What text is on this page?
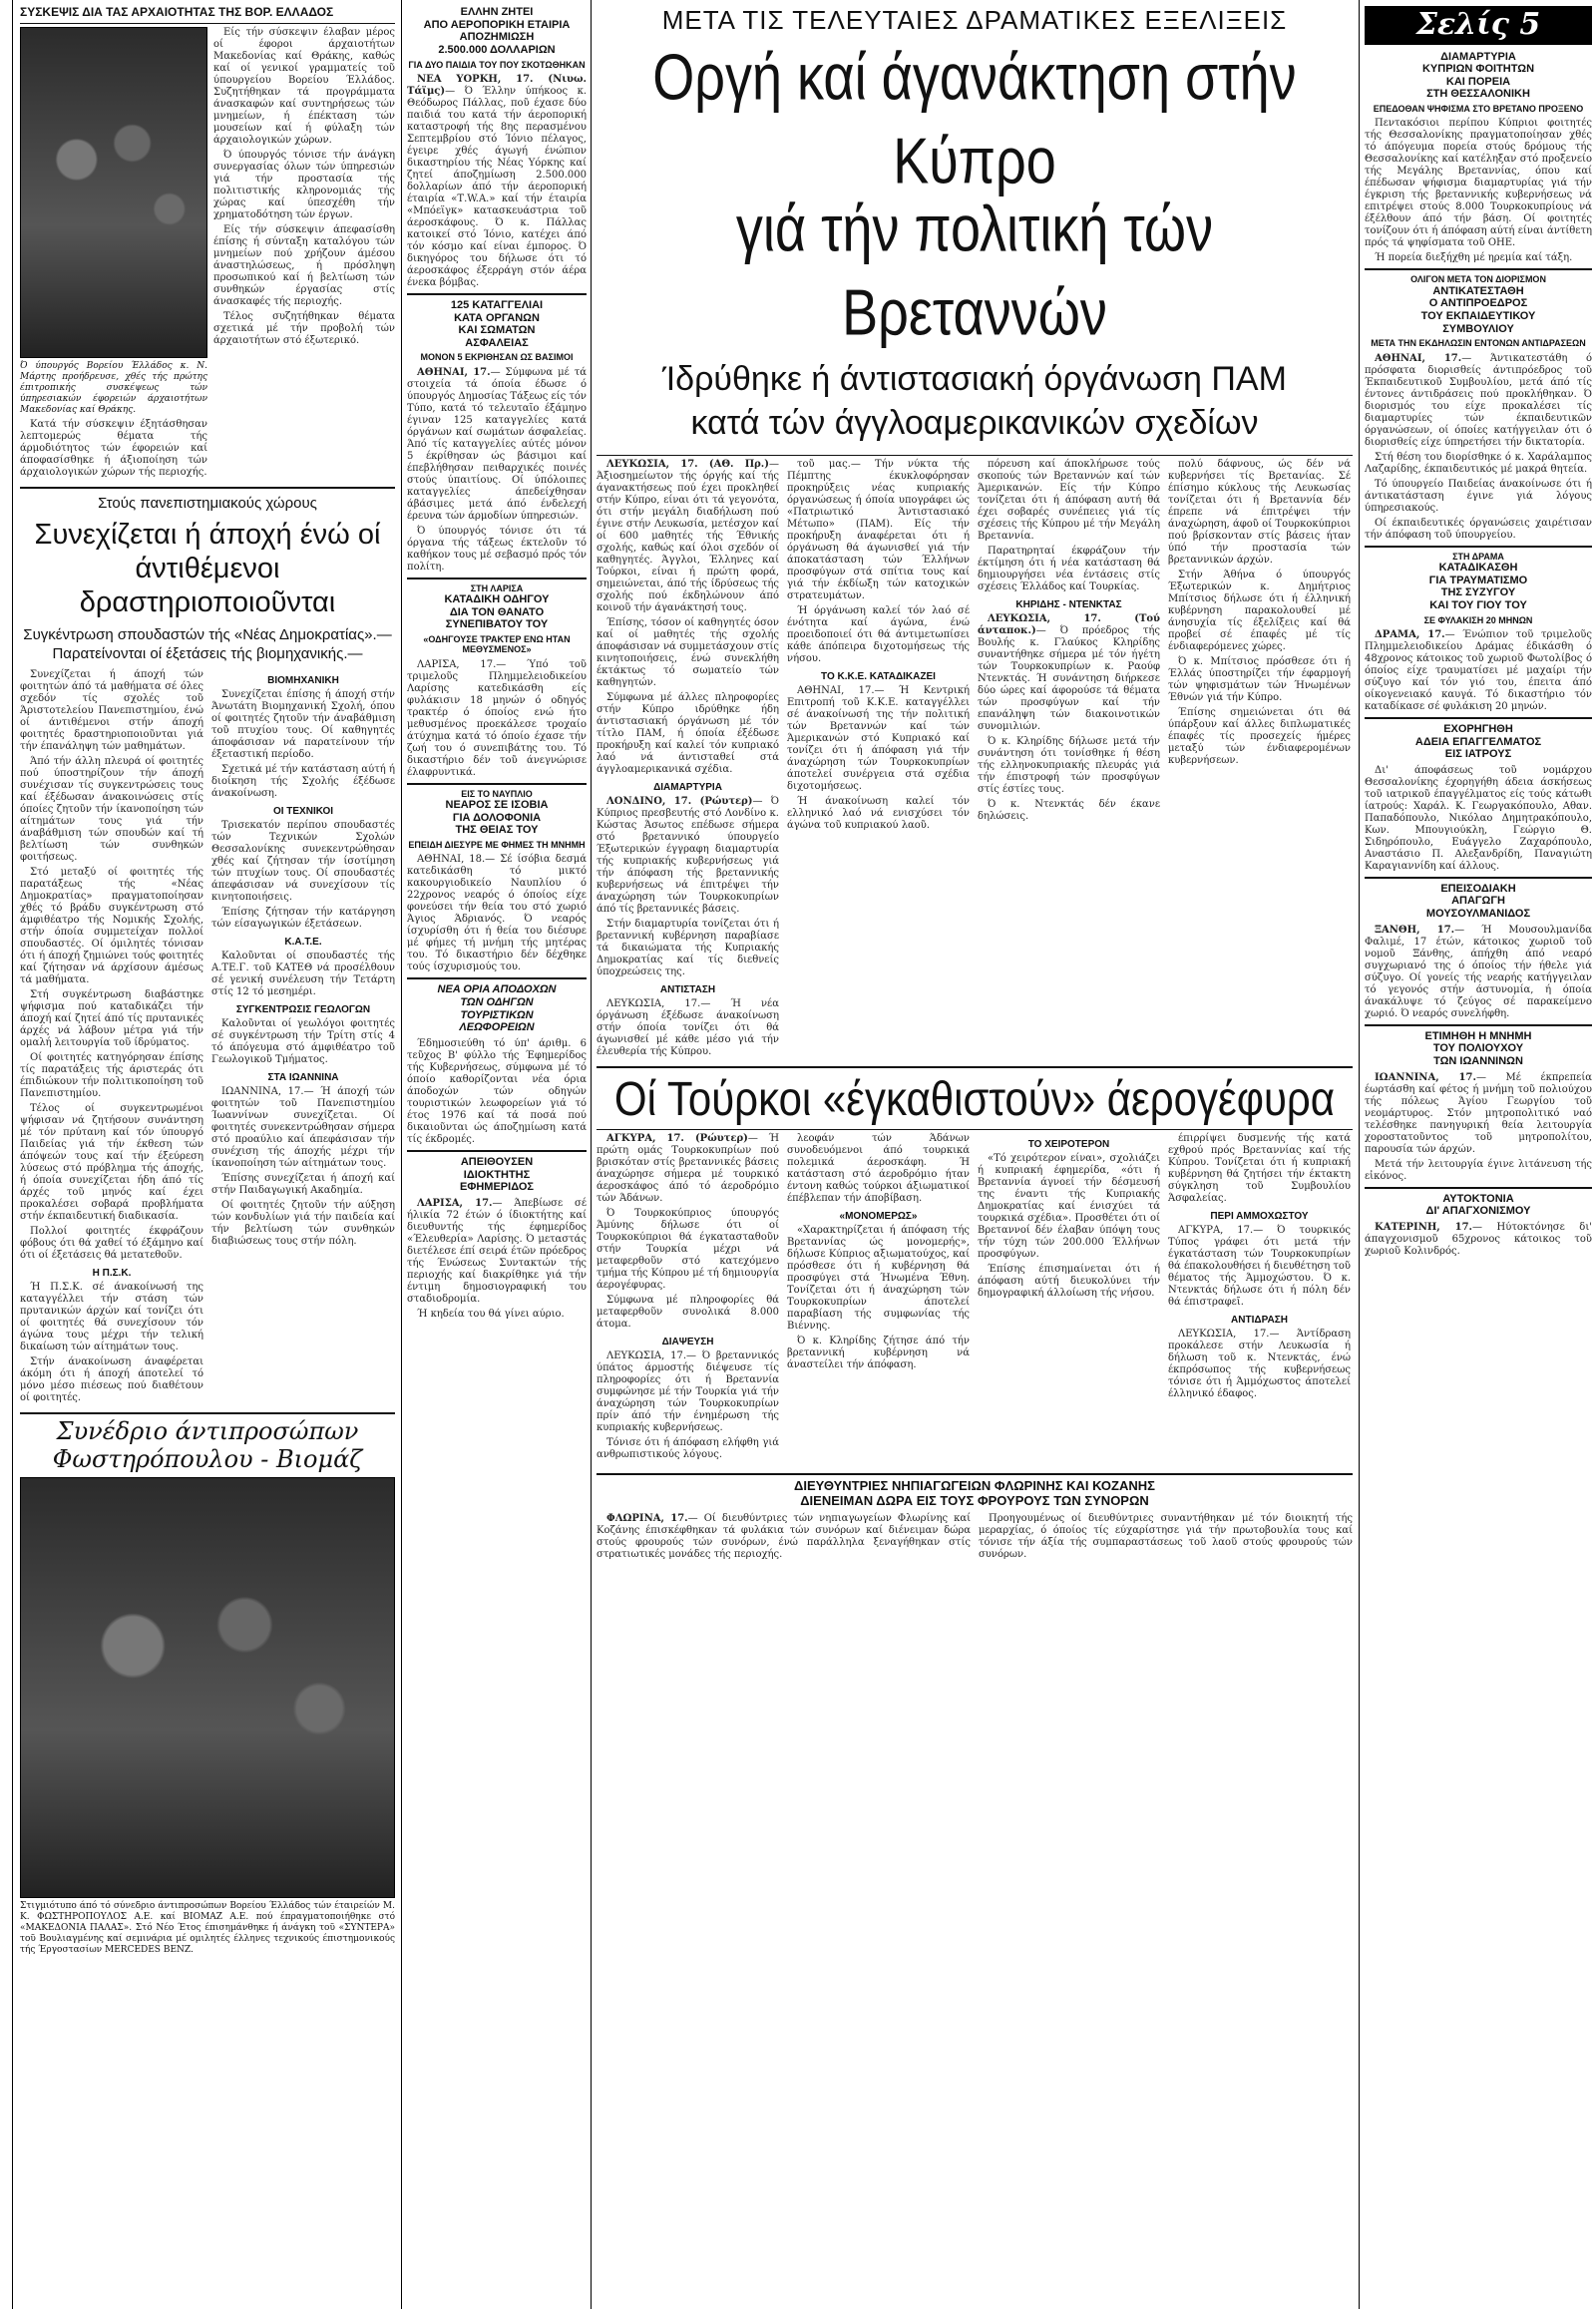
ΣΥΣΚΕΨΙΣ ΔΙΑ ΤΑΣ ΑΡΧΑΙΟΤΗΤΑΣ ΤΗΣ ΒΟΡ. ΕΛΛΑΔΟΣ
Ό ύπουργός Βορείου Έλλάδος κ. Ν. Μάρτης προήδρευσε, χθές τής πρώτης έπιτροπικής συσκέψεως τών ύπηρεσιακών έφορειών άρχαιοτήτων Μακεδονίας καί Θράκης.

Κατά τήν σύσκεψιν έξητάσθησαν λεπτομερώς θέματα τής άρμοδιότητος τών έφορειών καί άποφασίσθηκε ή άξιοποίηση τών άρχαιολογικών χώρων τής περιοχής.

Είς τήν σύσκεψιν έλαβαν μέρος οί έφοροι άρχαιοτήτων Μακεδονίας καί Θράκης, καθώς καί οί γενικοί γραμματείς τοῦ ύπουργείου Βορείου Έλλάδος. Συζητήθηκαν τά προγράμματα άνασκαφών καί συντηρήσεως τών μνημείων, ή έπέκταση τών μουσείων καί ή φύλαξη τών άρχαιολογικών χώρων.

Ό ύπουργός τόνισε τήν άνάγκη συνεργασίας όλων τών ύπηρεσιών γιά τήν προστασία τής πολιτιστικής κληρονομιάς τής χώρας καί ύπεσχέθη τήν χρηματοδότηση τών έργων.

Είς τήν σύσκεψιν άπεφασίσθη έπίσης ή σύνταξη καταλόγου τών μνημείων πού χρήζουν άμέσου άναστηλώσεως, ή πρόσληψη προσωπικού καί ή βελτίωση τών συνθηκών έργασίας στίς άνασκαφές τής περιοχής.

Τέλος συζητήθηκαν θέματα σχετικά μέ τήν προβολή τών άρχαιοτήτων στό έξωτερικό.

Στούς πανεπιστημιακούς χώρους
Συνεχίζεται ή άποχή ένώ οί άντιθέμενοι δραστηριοποιοῦνται
Συγκέντρωση σπουδαστών τής «Νέας Δημοκρατίας».— Παρατείνονται οί έξετάσεις τής βιομηχανικής.—

Συνεχίζεται ή άποχή τών φοιτητών άπό τά μαθήματα σέ όλες σχεδόν τίς σχολές τοῦ Άριστοτελείου Πανεπιστημίου, ένώ οί άντιθέμενοι στήν άποχή φοιτητές δραστηριοποιοῦνται γιά τήν έπανάληψη τών μαθημάτων.

Άπό τήν άλλη πλευρά οί φοιτητές πού ύποστηρίζουν τήν άποχή συνέχισαν τίς συγκεντρώσεις τους καί έξέδωσαν άνακοινώσεις στίς όποίες ζητοῦν τήν ίκανοποίηση τών αίτημάτων τους γιά τήν άναβάθμιση τών σπουδών καί τή βελτίωση τών συνθηκών φοιτήσεως.

Στό μεταξύ οί φοιτητές τής παρατάξεως τής «Νέας Δημοκρατίας» πραγματοποίησαν χθές τό βράδυ συγκέντρωση στό άμφιθέατρο τής Νομικής Σχολής, στήν όποία συμμετείχαν πολλοί σπουδαστές. Οί όμιλητές τόνισαν ότι ή άποχή ζημιώνει τούς φοιτητές καί ζήτησαν νά άρχίσουν άμέσως τά μαθήματα.

Στή συγκέντρωση διαβάστηκε ψήφισμα πού καταδικάζει τήν άποχή καί ζητεί άπό τίς πρυτανικές άρχές νά λάβουν μέτρα γιά τήν ομαλή λειτουργία τοῦ ίδρύματος.

Οί φοιτητές κατηγόρησαν έπίσης τίς παρατάξεις τής άριστεράς ότι έπιδιώκουν τήν πολιτικοποίηση τοῦ Πανεπιστημίου.

Τέλος οί συγκεντρωμένοι ψήφισαν νά ζητήσουν συνάντηση μέ τόν πρύτανη καί τόν ύπουργό Παιδείας γιά τήν έκθεση τών άπόψεών τους καί τήν έξεύρεση λύσεως στό πρόβλημα τής άποχής, ή όποία συνεχίζεται ήδη άπό τίς άρχές τοῦ μηνός καί έχει προκαλέσει σοβαρά προβλήματα στήν έκπαιδευτική διαδικασία.

Πολλοί φοιτητές έκφράζουν φόβους ότι θά χαθεί τό έξάμηνο καί ότι οί έξετάσεις θά μετατεθοῦν.

Η Π.Σ.Κ.

Ή Π.Σ.Κ. σέ άνακοίνωσή της καταγγέλλει τήν στάση τών πρυτανικών άρχών καί τονίζει ότι οί φοιτητές θά συνεχίσουν τόν άγώνα τους μέχρι τήν τελική δικαίωση τών αίτημάτων τους.

Στήν άνακοίνωση άναφέρεται άκόμη ότι ή άποχή άποτελεί τό μόνο μέσο πιέσεως πού διαθέτουν οί φοιτητές.

ΒΙΟΜΗΧΑΝΙΚΗ

Συνεχίζεται έπίσης ή άποχή στήν Άνωτάτη Βιομηχανική Σχολή, όπου οί φοιτητές ζητοῦν τήν άναβάθμιση τοῦ πτυχίου τους. Οί καθηγητές άποφάσισαν νά παρατείνουν τήν έξεταστική περίοδο.

Σχετικά μέ τήν κατάσταση αύτή ή διοίκηση τής Σχολής έξέδωσε άνακοίνωση.

ΟΙ ΤΕΧΝΙΚΟΙ

Τρισεκατόν περίπου σπουδαστές τών Τεχνικών Σχολών Θεσσαλονίκης συνεκεντρώθησαν χθές καί ζήτησαν τήν ίσοτίμηση τών πτυχίων τους. Οί σπουδαστές άπεφάσισαν νά συνεχίσουν τίς κινητοποιήσεις.

Έπίσης ζήτησαν τήν κατάργηση τών είσαγωγικών έξετάσεων.

Κ.Α.Τ.Ε.

Καλοῦνται οί σπουδαστές τής Α.ΤΕ.Γ. τοῦ ΚΑΤΕΘ νά προσέλθουν σέ γενική συνέλευση τήν Τετάρτη στίς 12 τό μεσημέρι.

ΣΥΓΚΕΝΤΡΩΣΙΣ ΓΕΩΛΟΓΩΝ

Καλοῦνται οί γεωλόγοι φοιτητές σέ συγκέντρωση τήν Τρίτη στίς 4 τό άπόγευμα στό άμφιθέατρο τοῦ Γεωλογικοῦ Τμήματος.

ΣΤΑ ΙΩΑΝΝΙΝΑ

ΙΩΑΝΝΙΝΑ, 17.— Ή άποχή τών φοιτητών τοῦ Πανεπιστημίου Ίωαννίνων συνεχίζεται. Οί φοιτητές συνεκεντρώθησαν σήμερα στό προαύλιο καί άπεφάσισαν τήν συνέχιση τής άποχής μέχρι τήν ίκανοποίηση τών αίτημάτων τους.

Έπίσης συνεχίζεται ή άποχή καί στήν Παιδαγωγική Ακαδημία.

Οί φοιτητές ζητοῦν τήν αύξηση τών κονδυλίων γιά τήν παιδεία καί τήν βελτίωση τών συνθηκών διαβιώσεως τους στήν πόλη.

Συνέδριο άντιπροσώπων Φωστηρόπουλου - Βιομάζ
Στιγμιότυπο άπό τό σύνεδριο άντιπροσώπων Βορείου Έλλάδος τών έταιρείών Μ. Κ. ΦΩΣΤΗΡΟΠΟΥΛΟΣ Α.Ε. καί ΒΙΟΜΑΖ Α.Ε. πού έπραγματοποιήθηκε στό «ΜΑΚΕΔΟΝΙΑ ΠΑΛΑΣ». Στό Νέο Έτος έπισημάνθηκε ή άνάγκη τοῦ «ΣΥΝΤΕΡΑ» τοῦ Βουλιαγμένης καί σεμινάρια μέ ομιλητές έλληνες τεχνικούς έπιστημονικούς τής Έργοστασίων MERCEDES BENZ.
ΕΛΛΗΝ ΖΗΤΕΙ
ΑΠΟ ΑΕΡΟΠΟΡΙΚΗ ΕΤΑΙΡΙΑ
ΑΠΟΖΗΜΙΩΣΗ
2.500.000 ΔΟΛΛΑΡΙΩΝ
ΓΙΑ ΔΥΟ ΠΑΙΔΙΑ ΤΟΥ ΠΟΥ ΣΚΟΤΩΘΗΚΑΝ

ΝΕΑ ΥΟΡΚΗ, 17. (Νιυω. Τάϊμς)— Ό Έλλην ύπήκοος κ. Θεόδωρος Πάλλας, ποῦ έχασε δύο παιδιά του κατά τήν άεροπορική καταστροφή τής 8ης περασμένου Σεπτεμβρίου στό Ίόνιο πέλαγος, έγειρε χθές άγωγή ένώπιον δικαστηρίου τής Νέας Υόρκης καί ζητεί άποζημίωση 2.500.000 δολλαρίων άπό τήν άεροπορική έταιρία «Τ.W.Α.» καί τήν έταιρία «Μπόεϊγκ» κατασκευάστρια τοῦ άεροσκάφους. Ό κ. Πάλλας κατοικεί στό Ίόνιο, κατέχει άπό τόν κόσμο καί είναι έμπορος. Ό δικηγόρος του δήλωσε ότι τό άεροσκάφος έξερράγη στόν άέρα ένεκα βόμβας.

125 ΚΑΤΑΓΓΕΛΙΑΙ
ΚΑΤΑ ΟΡΓΑΝΩΝ
ΚΑΙ ΣΩΜΑΤΩΝ
ΑΣΦΑΛΕΙΑΣ
ΜΟΝΟΝ 5 ΕΚΡΙΘΗΣΑΝ ΩΣ ΒΑΣΙΜΟΙ

ΑΘΗΝΑΙ, 17.— Σύμφωνα μέ τά στοιχεία τά όποία έδωσε ό ύπουργός Δημοσίας Τάξεως είς τόν Τύπο, κατά τό τελευταῖο έξάμηνο έγιναν 125 καταγγελίες κατά όργάνων καί σωμάτων άσφαλείας. Άπό τίς καταγγελίες αύτές μόνον 5 έκρίθησαν ώς βάσιμοι καί έπεβλήθησαν πειθαρχικές ποινές στούς ύπαιτίους. Οί ύπόλοιπες καταγγελίες άπεδείχθησαν άβάσιμες μετά άπό ένδελεχή έρευνα τών άρμοδίων ύπηρεσιών.

Ό ύπουργός τόνισε ότι τά όργανα τής τάξεως έκτελοῦν τό καθήκον τους μέ σεβασμό πρός τόν πολίτη.

ΣΤΗ ΛΑΡΙΣΑ
ΚΑΤΑΔΙΚΗ ΟΔΗΓΟΥ
ΔΙΑ ΤΟΝ ΘΑΝΑΤΟ
ΣΥΝΕΠΙΒΑΤΟΥ ΤΟΥ
«ΟΔΗΓΟΥΣΕ ΤΡΑΚΤΕΡ ΕΝΩ ΗΤΑΝ ΜΕΘΥΣΜΕΝΟΣ»

ΛΑΡΙΣΑ, 17.— Ύπό τοῦ τριμελοῦς Πλημμελειοδικείου Λαρίσης κατεδικάσθη είς φυλάκισιν 18 μηνών ό οδηγός τρακτέρ ό όποίος ενώ ήτο μεθυσμένος προεκάλεσε τροχαίο άτύχημα κατά τό όποίο έχασε τήν ζωή του ό συνεπιβάτης του. Τό δικαστήριο δέν τοῦ άνεγνώρισε έλαφρυντικά.

ΕΙΣ ΤΟ ΝΑΥΠΛΙΟ
ΝΕΑΡΟΣ ΣΕ ΙΣΟΒΙΑ
ΓΙΑ ΔΟΛΟΦΟΝΙΑ
ΤΗΣ ΘΕΙΑΣ ΤΟΥ
ΕΠΕΙΔΗ ΔΙΕΣΥΡΕ ΜΕ ΦΗΜΕΣ ΤΗ ΜΝΗΜΗ

ΑΘΗΝΑΙ, 18.— Σέ ίσόβια δεσμά κατεδικάσθη τό μικτό κακουργιοδικείο Ναυπλίου ό 22χρονος νεαρός ό όποίος είχε φονεύσει τήν θεία του στό χωριό Άγιος Άδριανός. Ό νεαρός ίσχυρίσθη ότι ή θεία του διέσυρε μέ φήμες τή μνήμη τής μητέρας του. Τό δικαστήριο δέν δέχθηκε τούς ίσχυρισμούς του.

ΝΕΑ ΟΡΙΑ ΑΠΟΔΟΧΩΝ
ΤΩΝ ΟΔΗΓΩΝ
ΤΟΥΡΙΣΤΙΚΩΝ
ΛΕΩΦΟΡΕΙΩΝ

Έδημοσιεύθη τό ύπ' άριθμ. 6 τεῦχος Β' φύλλο τής Έφημερίδος τής Κυβερνήσεως, σύμφωνα μέ τό όποίο καθορίζονται νέα όρια άποδοχών τών οδηγών τουριστικών λεωφορείων γιά τό έτος 1976 καί τά ποσά πού δικαιοῦνται ώς άποζημίωση κατά τίς έκδρομές.

ΑΠΕΙΘΟΥΣΕΝ
ΙΔΙΟΚΤΗΤΗΣ
ΕΦΗΜΕΡΙΔΟΣ

ΛΑΡΙΣΑ, 17.— Άπεβίωσε σέ ήλικία 72 έτών ό ίδιοκτήτης καί διευθυντής τής έφημερίδος «Έλευθερία» Λαρίσης. Ό μεταστάς διετέλεσε έπί σειρά έτῶν πρόεδρος τής Ένώσεως Συντακτών τής περιοχής καί διακρίθηκε γιά τήν έντιμη δημοσιογραφική του σταδιοδρομία.

Ή κηδεία του θά γίνει αύριο.

ΜΕΤΑ ΤΙΣ ΤΕΛΕΥΤΑΙΕΣ ΔΡΑΜΑΤΙΚΕΣ ΕΞΕΛΙΞΕΙΣ
Οργή καί άγανάκτηση στήν Κύπρο
γιά τήν πολιτική τών Βρεταννών
Ίδρύθηκε ή άντιστασιακή όργάνωση ΠΑΜ
κατά τών άγγλοαμερικανικών σχεδίων

ΛΕΥΚΩΣΙΑ, 17. (ΑΘ. Πρ.)— Άξιοσημείωτον τής όργής καί τής άγανακτήσεως πού έχει προκληθεί στήν Κύπρο, είναι ότι τά γεγονότα, ότι στήν μεγάλη διαδήλωση πού έγινε στήν Λευκωσία, μετέσχον καί οί 600 μαθητές τής Έθνικής σχολής, καθώς καί όλοι σχεδόν οί καθηγητές. Άγγλοι, Έλληνες καί Τούρκοι, είναι ή πρώτη φορά, σημειώνεται, άπό τής ίδρύσεως τής σχολής πού έκδηλώνουν άπό κοινοῦ τήν άγανάκτησή τους.

Έπίσης, τόσον οί καθηγητές όσον καί οί μαθητές τής σχολής άποφάσισαν νά συμμετάσχουν στίς κινητοποιήσεις, ένώ συνεκλήθη έκτάκτως τό σωματείο τών καθηγητών.

Σύμφωνα μέ άλλες πληροφορίες στήν Κύπρο ιδρύθηκε ήδη άντιστασιακή όργάνωση μέ τόν τίτλο ΠΑΜ, ή όποία έξέδωσε προκήρυξη καί καλεί τόν κυπριακό λαό νά άντισταθεί στά άγγλοαμερικανικά σχέδια.

ΔΙΑΜΑΡΤΥΡΙΑ

ΛΟΝΔΙΝΟ, 17. (Ρώυτερ)— Ό Κύπριος πρεσβευτής στό Λονδίνο κ. Κώστας Άσωτος επέδωσε σήμερα στό βρεταννικό ύπουργείο Έξωτερικών έγγραφη διαμαρτυρία τής κυπριακής κυβερνήσεως γιά τήν άπόφαση τής βρεταννικής κυβερνήσεως νά έπιτρέψει τήν άναχώρηση τών Τουρκοκυπρίων άπό τίς βρεταννικές βάσεις.

Στήν διαμαρτυρία τονίζεται ότι ή βρεταννική κυβέρνηση παραβίασε τά δικαιώματα τής Κυπριακής Δημοκρατίας καί τίς διεθνείς ύποχρεώσεις της.

ΑΝΤΙΣΤΑΣΗ

ΛΕΥΚΩΣΙΑ, 17.— Ή νέα όργάνωση έξέδωσε άνακοίνωση στήν όποία τονίζει ότι θά άγωνισθεί μέ κάθε μέσο γιά τήν έλευθερία τής Κύπρου.

τοῦ μας.— Τήν νύκτα τής Πέμπτης έκυκλοφόρησαν προκηρύξεις νέας κυπριακής όργανώσεως ή όποία υπογράφει ώς «Πατριωτικό Άντιστασιακό Μέτωπο» (ΠΑΜ). Είς τήν προκήρυξη άναφέρεται ότι ή όργάνωση θά άγωνισθεί γιά τήν άποκατάσταση τών Έλλήνων προσφύγων στά σπίτια τους καί γιά τήν έκδίωξη τών κατοχικών στρατευμάτων.

Ή όργάνωση καλεί τόν λαό σέ ένότητα καί άγώνα, ένώ προειδοποιεί ότι θά άντιμετωπίσει κάθε άπόπειρα διχοτομήσεως τής νήσου.

ΤΟ Κ.Κ.Ε. ΚΑΤΑΔΙΚΑΖΕΙ

ΑΘΗΝΑΙ, 17.— Ή Κεντρική Επιτροπή τοῦ Κ.Κ.Ε. καταγγέλλει σέ άνακοίνωσή της τήν πολιτική τών Βρεταννών καί τών Άμερικανών στό Κυπριακό καί τονίζει ότι ή άπόφαση γιά τήν άναχώρηση τών Τουρκοκυπρίων άποτελεί συνέργεια στά σχέδια διχοτομήσεως.

Ή άνακοίνωση καλεί τόν ελληνικό λαό νά ενισχύσει τόν άγώνα τοῦ κυπριακού λαοῦ.

πόρευση καί άποκλήρωσε τούς σκοπούς τών Βρεταννών καί τών Άμερικανών. Είς τήν Κύπρο τονίζεται ότι ή άπόφαση αυτή θά έχει σοβαρές συνέπειες γιά τίς σχέσεις τής Κύπρου μέ τήν Μεγάλη Βρεταννία.

Παρατηρηταί έκφράζουν τήν έκτίμηση ότι ή νέα κατάσταση θά δημιουργήσει νέα έντάσεις στίς σχέσεις Έλλάδος καί Τουρκίας.

ΚΗΡΙΔΗΣ - ΝΤΕΝΚΤΑΣ

ΛΕΥΚΩΣΙΑ, 17. (Τού άνταποκ.)— Ό πρόεδρος τής Βουλής κ. Γλαύκος Κληρίδης συναντήθηκε σήμερα μέ τόν ήγέτη τών Τουρκοκυπρίων κ. Ραούφ Ντενκτάς. Ή συνάντηση διήρκεσε δύο ώρες καί άφορούσε τά θέματα τών προσφύγων καί τήν επανάληψη τών διακοινοτικών συνομιλιών.

Ό κ. Κληρίδης δήλωσε μετά τήν συνάντηση ότι τονίσθηκε ή θέση τής ελληνοκυπριακής πλευράς γιά τήν έπιστροφή τών προσφύγων στίς έστίες τους.

Ό κ. Ντενκτάς δέν έκανε δηλώσεις.

πολύ δάφνους, ώς δέν νά κυβερνήσει τίς Βρετανίας. Σέ έπίσημο κύκλους τής Λευκωσίας τονίζεται ότι ή Βρεταννία δέν έπρεπε νά έπιτρέψει τήν άναχώρηση, άφοῦ οί Τουρκοκύπριοι πού βρίσκονταν στίς βάσεις ήταν ύπό τήν προστασία τών βρεταννικών άρχών.

Στήν Άθήνα ό ύπουργός Έξωτερικών κ. Δημήτριος Μπίτσιος δήλωσε ότι ή έλληνική κυβέρνηση παρακολουθεί μέ άνησυχία τίς έξελίξεις καί θά προβεί σέ έπαφές μέ τίς ένδιαφερόμενες χώρες.

Ό κ. Μπίτσιος πρόσθεσε ότι ή Έλλάς ύποστηρίζει τήν έφαρμογή τών ψηφισμάτων τών Ήνωμένων Έθνών γιά τήν Κύπρο.

Έπίσης σημειώνεται ότι θά ύπάρξουν καί άλλες διπλωματικές έπαφές τίς προσεχείς ήμέρες μεταξύ τών ένδιαφερομένων κυβερνήσεων.

Οί Τούρκοι «έγκαθιστούν» άερογέφυρα

ΑΓΚΥΡΑ, 17. (Ρώυτερ)— Ή πρώτη ομάς Τουρκοκυπρίων πού βρισκόταν στίς βρεταννικές βάσεις άναχώρησε σήμερα μέ τουρκικό άεροσκάφος άπό τό άεροδρόμιο τών Άδάνων.

Ό Τουρκοκύπριος ύπουργός Άμύνης δήλωσε ότι οί Τουρκοκύπριοι θά έγκατασταθοῦν στήν Τουρκία μέχρι νά μεταφερθοῦν στό κατεχόμενο τμήμα τής Κύπρου μέ τή δημιουργία άερογέφυρας.

Σύμφωνα μέ πληροφορίες θά μεταφερθοῦν συνολικά 8.000 άτομα.

ΔΙΑΨΕΥΣΗ

ΛΕΥΚΩΣΙΑ, 17.— Ό βρεταννικός ύπάτος άρμοστής διέψευσε τίς πληροφορίες ότι ή Βρεταννία συμφώνησε μέ τήν Τουρκία γιά τήν άναχώρηση τών Τουρκοκυπρίων πρίν άπό τήν ένημέρωση τής κυπριακής κυβερνήσεως.

Τόνισε ότι ή άπόφαση ελήφθη γιά ανθρωπιστικούς λόγους.

λεοφάν τών Άδάνων συνοδευόμενοι άπό τουρκικά πολεμικά άεροσκάφη. Ή κατάσταση στό άεροδρόμιο ήταν έντονη καθώς τούρκοι άξιωματικοί έπέβλεπαν τήν άποβίβαση.

«ΜΟΝΟΜΕΡΩΣ»

«Χαρακτηρίζεται ή άπόφαση τής Βρεταννίας ώς μονομερής», δήλωσε Κύπριος αξιωματούχος, καί πρόσθεσε ότι ή κυβέρνηση θά προσφύγει στά Ήνωμένα Έθνη. Τονίζεται ότι ή άναχώρηση τών Τουρκοκυπρίων άποτελεί παραβίαση τής συμφωνίας τής Βιέννης.

Ό κ. Κληρίδης ζήτησε άπό τήν βρεταννική κυβέρνηση νά άναστείλει τήν άπόφαση.

ΤΟ ΧΕΙΡΟΤΕΡΟΝ

«Τό χειρότερον είναι», σχολιάζει ή κυπριακή έφημερίδα, «ότι ή Βρεταννία άγνοεί τήν δέσμευσή της έναντι τής Κυπριακής Δημοκρατίας καί ένισχύει τά τουρκικά σχέδια». Προσθέτει ότι οί Βρεταννοί δέν έλαβαν ύπόψη τους τήν τύχη τών 200.000 Έλλήνων προσφύγων.

Έπίσης έπισημαίνεται ότι ή άπόφαση αύτή διευκολύνει τήν δημογραφική άλλοίωση τής νήσου.

έπιρρίψει δυσμενής τής κατά εχθρού πρός Βρεταννίας καί τής Κύπρου. Τονίζεται ότι ή κυπριακή κυβέρνηση θά ζητήσει τήν έκτακτη σύγκληση τοῦ Συμβουλίου Άσφαλείας.

ΠΕΡΙ ΑΜΜΟΧΩΣΤΟΥ

ΑΓΚΥΡΑ, 17.— Ό τουρκικός Τύπος γράφει ότι μετά τήν έγκατάσταση τών Τουρκοκυπρίων θά έπακολουθήσει ή διευθέτηση τοῦ θέματος τής Άμμοχώστου. Ό κ. Ντενκτάς δήλωσε ότι ή πόλη δέν θά έπιστραφεῖ.

ΑΝΤΙΔΡΑΣΗ

ΛΕΥΚΩΣΙΑ, 17.— Άντίδραση προκάλεσε στήν Λευκωσία ή δήλωση τοῦ κ. Ντενκτάς, ένώ έκπρόσωπος τής κυβερνήσεως τόνισε ότι ή Άμμόχωστος άποτελεί έλληνικό έδαφος.

ΔΙΕΥΘΥΝΤΡΙΕΣ ΝΗΠΙΑΓΩΓΕΙΩΝ ΦΛΩΡΙΝΗΣ ΚΑΙ ΚΟΖΑΝΗΣ
ΔΙΕΝΕΙΜΑΝ ΔΩΡΑ ΕΙΣ ΤΟΥΣ ΦΡΟΥΡΟΥΣ ΤΩΝ ΣΥΝΟΡΩΝ

ΦΛΩΡΙΝΑ, 17.— Οί διευθύντριες τών νηπιαγωγείων Φλωρίνης καί Κοζάνης έπισκέφθηκαν τά φυλάκια τών συνόρων καί διένειμαν δώρα στούς φρουρούς τών συνόρων, ένώ παράλληλα ξεναγήθηκαν στίς στρατιωτικές μονάδες τής περιοχής.

Προηγουμένως οί διευθύντριες συναντήθηκαν μέ τόν διοικητή τής μεραρχίας, ό όποίος τίς εύχαρίστησε γιά τήν πρωτοβουλία τους καί τόνισε τήν άξία τής συμπαραστάσεως τοῦ λαοῦ στούς φρουρούς τών συνόρων.

Σελίς 5
ΔΙΑΜΑΡΤΥΡΙΑ
ΚΥΠΡΙΩΝ ΦΟΙΤΗΤΩΝ
ΚΑΙ ΠΟΡΕΙΑ
ΣΤΗ ΘΕΣΣΑΛΟΝΙΚΗ
ΕΠΕΔΟΘΑΝ ΨΗΦΙΣΜΑ ΣΤΟ ΒΡΕΤΑΝΟ ΠΡΟΞΕΝΟ

Πεντακόσιοι περίπου Κύπριοι φοιτητές τής Θεσσαλονίκης πραγματοποίησαν χθές τό άπόγευμα πορεία στούς δρόμους τής Θεσσαλονίκης καί κατέληξαν στό προξενείο τής Μεγάλης Βρεταννίας, όπου καί έπέδωσαν ψήφισμα διαμαρτυρίας γιά τήν έγκριση τής βρεταννικής κυβερνήσεως νά επιτρέψει στούς 8.000 Τουρκοκυπρίους νά έξέλθουν άπό τήν βάση. Οί φοιτητές τονίζουν ότι ή άπόφαση αύτή είναι άντίθετη πρός τά ψηφίσματα τοῦ ΟΗΕ.

Ή πορεία διεξήχθη μέ ηρεμία καί τάξη.

ΟΛΙΓΟΝ ΜΕΤΑ ΤΟΝ ΔΙΟΡΙΣΜΟΝ
ΑΝΤΙΚΑΤΕΣΤΑΘΗ
Ο ΑΝΤΙΠΡΟΕΔΡΟΣ
ΤΟΥ ΕΚΠΑΙΔΕΥΤΙΚΟΥ
ΣΥΜΒΟΥΛΙΟΥ
ΜΕΤΑ ΤΗΝ ΕΚΔΗΛΩΣΙΝ ΕΝΤΟΝΩΝ ΑΝΤΙΔΡΑΣΕΩΝ

ΑΘΗΝΑΙ, 17.— Άντικατεστάθη ό πρόσφατα διορισθείς άντιπρόεδρος τοῦ Έκπαιδευτικοῦ Συμβουλίου, μετά άπό τίς έντονες άντιδράσεις πού προκλήθηκαν. Ό διορισμός του είχε προκαλέσει τίς διαμαρτυρίες τών έκπαιδευτικῶν όργανώσεων, οί όποίες κατήγγειλαν ότι ό διορισθείς είχε ύπηρετήσει τήν δικτατορία.

Στή θέση του διορίσθηκε ό κ. Χαράλαμπος Λαζαρίδης, έκπαιδευτικός μέ μακρά θητεία.

Τό ύπουργείο Παιδείας άνακοίνωσε ότι ή άντικατάσταση έγινε γιά λόγους ύπηρεσιακούς.

Οί έκπαιδευτικές όργανώσεις χαιρέτισαν τήν άπόφαση τοῦ ύπουργείου.

ΣΤΗ ΔΡΑΜΑ
ΚΑΤΑΔΙΚΑΣΘΗ
ΓΙΑ ΤΡΑΥΜΑΤΙΣΜΟ
ΤΗΣ ΣΥΖΥΓΟΥ
ΚΑΙ ΤΟΥ ΓΙΟΥ ΤΟΥ
ΣΕ ΦΥΛΑΚΙΣΗ 20 ΜΗΝΩΝ

ΔΡΑΜΑ, 17.— Ένώπιον τοῦ τριμελοῦς Πλημμελειοδικείου Δράμας έδικάσθη ό 48χρονος κάτοικος τοῦ χωριοῦ Φωτολίβος ό όποίος είχε τραυματίσει μέ μαχαίρι τήν σύζυγο καί τόν γιό του, έπειτα άπό οίκογενειακό καυγά. Τό δικαστήριο τόν καταδίκασε σέ φυλάκιση 20 μηνών.

ΕΧΟΡΗΓΗΘΗ
ΑΔΕΙΑ ΕΠΑΓΓΕΛΜΑΤΟΣ
ΕΙΣ ΙΑΤΡΟΥΣ

Δι' άποφάσεως τοῦ νομάρχου Θεσσαλονίκης έχορηγήθη άδεια άσκήσεως τοῦ ιατρικοῦ έπαγγέλματος είς τούς κάτωθι ίατρούς: Χαράλ. Κ. Γεωργακόπουλο, Αθαν. Παπαδόπουλο, Νικόλαο Δημητρακόπουλο, Κων. Μπουγιούκλη, Γεώργιο Θ. Σιδηρόπουλο, Ευάγγελο Ζαχαρόπουλο, Αναστάσιο Π. Αλεξανδρίδη, Παναγιώτη Καραγιαννίδη καί άλλους.

ΕΠΕΙΣΟΔΙΑΚΗ
ΑΠΑΓΩΓΗ
ΜΟΥΣΟΥΛΜΑΝΙΔΟΣ

ΞΑΝΘΗ, 17.— Ή Μουσουλμανίδα Φαλιμέ, 17 έτών, κάτοικος χωριοῦ τοῦ νομοῦ Ξάνθης, άπήχθη άπό νεαρό συγχωριανό της ό όποίος τήν ήθελε γιά σύζυγο. Οί γονείς τής νεαρής κατήγγειλαν τό γεγονός στήν άστυνομία, ή όποία άνακάλυψε τό ζεύγος σέ παρακείμενο χωριό. Ό νεαρός συνελήφθη.

ΕΤΙΜΗΘΗ Η ΜΝΗΜΗ
ΤΟΥ ΠΟΛΙΟΥΧΟΥ
ΤΩΝ ΙΩΑΝΝΙΝΩΝ

ΙΩΑΝΝΙΝΑ, 17.— Μέ έκπρεπεία έωρτάσθη καί φέτος ή μνήμη τοῦ πολιούχου τής πόλεως Άγίου Γεωργίου τοῦ νεομάρτυρος. Στόν μητροπολιτικό ναό τελέσθηκε πανηγυρική θεία λειτουργία χοροστατοῦντος τοῦ μητροπολίτου, παρουσία τών άρχών.

Μετά τήν λειτουργία έγινε λιτάνευση τής εἰκόνος.

ΑΥΤΟΚΤΟΝΙΑ
ΔΙ' ΑΠΑΓΧΟΝΙΣΜΟΥ

ΚΑΤΕΡΙΝΗ, 17.— Ηύτοκτόνησε δι' άπαγχονισμοῦ 65χρονος κάτοικος τοῦ χωριοῦ Κολινδρός.
